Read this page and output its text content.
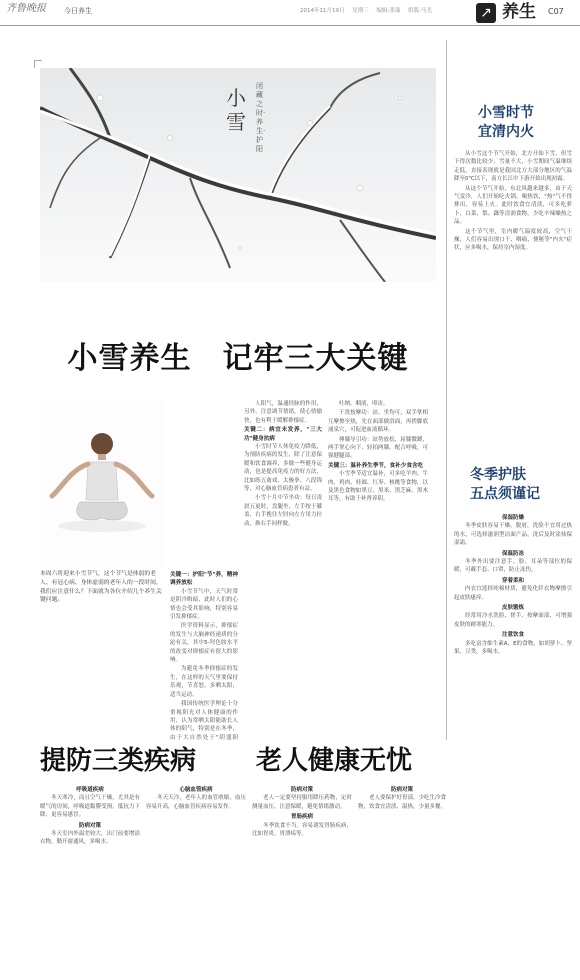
齐鲁晚报	今日养生	2014年11月19日 星期三 编辑:张瑞 组版:马光	↗ 养生 C07
小雪
闭藏之时·养生·护阳
小雪养生　记牢三大关键
本周六将迎来小雪节气，这个节气是体弱的老人、有冠心病、身体虚弱的老年人的一段时间，我们应注意什么？下面就为各位介绍几个养生关键问题。
关键一：护阳"节"养，精神调养放松

小雪节气中，天气时常是阴冷晦暗，此时人们的心情也会受其影响，特别容易引发抑郁症。

医学资料显示，抑郁症的发生与大脑神经递质的分泌有关，其中5-羟色胺水平的改变对抑郁症有很大的影响。

为避免冬季抑郁症的发生，在这样的天气里要保持乐观，节喜怒，多晒太阳，适当运动。

我国传统医学理论十分重视阳光对人体健康的作用，认为常晒太阳能助长人体的阳气，特别是在冬季，由于大自然处于"阴盛阳

人阳气，温通经脉的作用，另外，注意调节情绪，使心情愉快，也有利于缓解抑郁症。

关键二：病宜未发养，"三大功"健身抗病

小雪时节人体免疫力降低，为预防疾病的发生，除了注意保暖和饮食调养，多做一些健身运动，也是提高免疫力的好方法，比如练五禽戏、太极拳、八段锦等，对心脑血管病患者有益。

小雪十月中节坐功：每日凌晨五更时，盘腿坐，左手按于膝盖，右手挽住左肘向左方用力拉动，换右手同样做。

吐纳，咽液，叩齿。

干洗按摩功：站、坐均可，双手掌相互摩擦至热，先在面部做浴面，再搓脚底涌泉穴，可促进血液循环。

捶膝导引功：站势放松，屈膝微蹲，两手掌心向下，轻拍两膝，配合呼吸，可强健腿部。

关键三：温补养生季节，食补少食含吃

小雪季节适宜温补，可多吃羊肉、牛肉、鸡肉、桂圆、红枣、核桃等食物，以及黑色食物如黑豆、黑米、黑芝麻、黑木耳等，有助于补肾养阴。

小雪时节
宜清内火

从小雪这个节气开始，北方开始下雪，但雪下得次数比较少，雪量不大，小雪期间气温继续走低，直接表现就是我国北方大部分地区的气温降至0℃以下，南方长江中下游开始出现初霜。

从这个节气开始，东北风越来越多，由于天气变冷，人们开始吃火锅、喝热饮，"热"气不得排出，容易上火。此时饮食宜清淡，可多吃萝卜、白菜、梨、藕等清润食物，少吃辛辣燥热之品。

这个节气里，室内暖气温度较高，空气干燥，人们容易出现口干、咽痛、便秘等"内火"症状，应多喝水，保持室内湿度。

冬季护肤
五点须谨记
保湿防燥

冬季皮肤容易干燥、脱屑，洗脸不宜用过热的水，可选择滋润型洁面产品，洗后及时涂抹保湿霜。

保温防冻

冬季外出要注意手、脸、耳朵等部位的保暖，可戴手套、口罩，防止冻伤。

穿着柔和

内衣宜选择纯棉材质，避免化纤衣物摩擦引起皮肤瘙痒。

皮肤锻炼

经常用冷水洗脸、搓手、按摩面部，可增强皮肤的耐寒能力。

注意饮食

多吃富含维生素A、E的食物，如胡萝卜、坚果、豆类，多喝水。

提防三类疾病	老人健康无忧
呼吸道疾病

冬天寒冷，而且空气干燥，尤其是有暖气的房间，呼吸道黏膜受损，抵抗力下降，更容易感冒。

防病对策

冬天室内外温差较大，出门前要增添衣物，勤开窗通风，多喝水。

心脑血管疾病

冬天天冷，老年人的血管收缩，血压容易升高，心脑血管疾病容易发作。

防病对策

老人一定要坚持服用降压药物，定时测量血压，注意保暖，避免情绪激动。

胃肠疾病

冬季饮食不当，容易诱发胃肠疾病，比如胃炎、胃溃疡等。

防病对策

老人要保护好胃部，少吃生冷食物，饮食宜清淡、温热，少量多餐。
